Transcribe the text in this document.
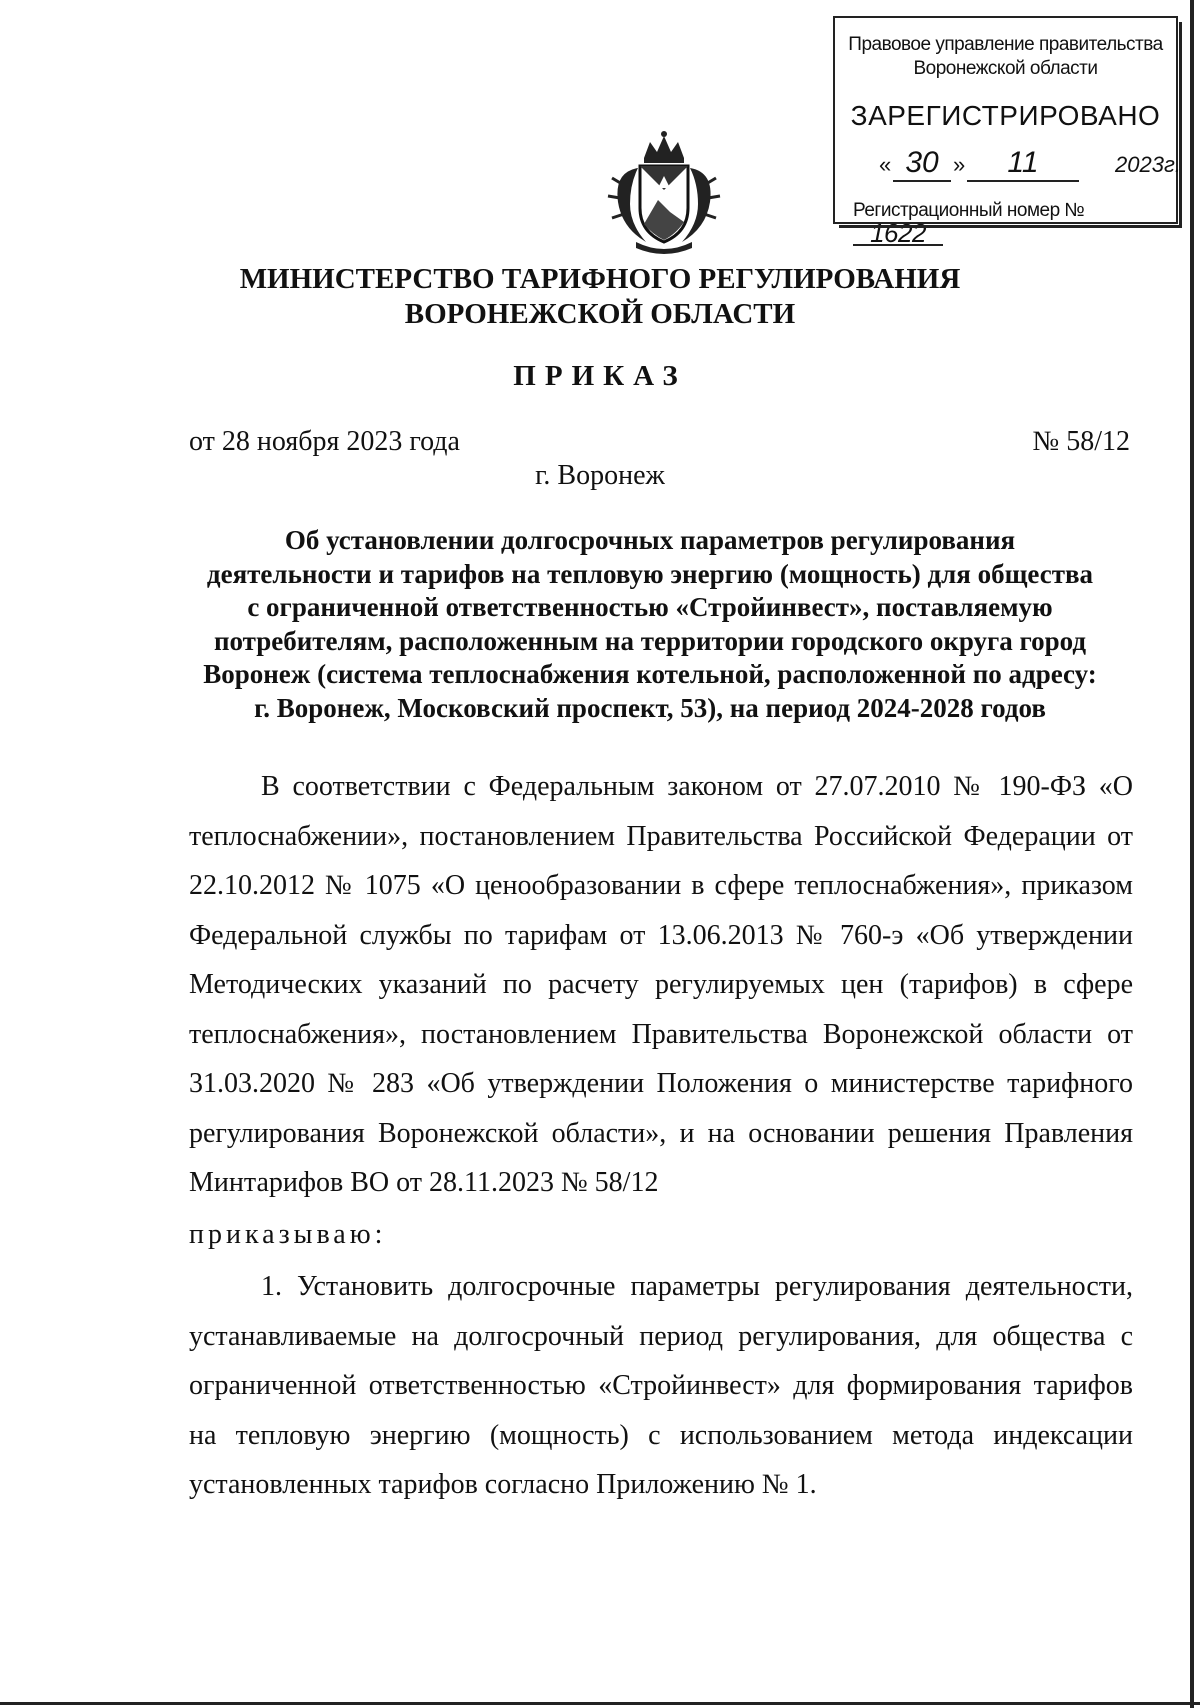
Правовое управление правительства
Воронежской области
ЗАРЕГИСТРИРОВАНО
« 30 »	11	2023г.
Регистрационный номер № 1622
МИНИСТЕРСТВО ТАРИФНОГО РЕГУЛИРОВАНИЯ
ВОРОНЕЖСКОЙ ОБЛАСТИ
ПРИКАЗ
от 28 ноября 2023 года	№ 58/12
г. Воронеж
Об установлении долгосрочных параметров регулирования
деятельности и тарифов на тепловую энергию (мощность) для общества
с ограниченной ответственностью «Стройинвест», поставляемую
потребителям, расположенным на территории городского округа город
Воронеж (система теплоснабжения котельной, расположенной по адресу:
г. Воронеж, Московский проспект, 53), на период 2024-2028 годов
В соответствии с Федеральным законом от 27.07.2010 № 190-ФЗ «О теплоснабжении», постановлением Правительства Российской Федерации от 22.10.2012 № 1075 «О ценообразовании в сфере теплоснабжения», приказом Федеральной службы по тарифам от 13.06.2013 № 760-э «Об утверждении Методических указаний по расчету регулируемых цен (тарифов) в сфере теплоснабжения», постановлением Правительства Воронежской области от 31.03.2020 № 283 «Об утверждении Положения о министерстве тарифного регулирования Воронежской области», и на основании решения Правления Минтарифов ВО от 28.11.2023 № 58/12
приказываю:
1. Установить долгосрочные параметры регулирования деятельности, устанавливаемые на долгосрочный период регулирования, для общества с ограниченной ответственностью «Стройинвест» для формирования тарифов на тепловую энергию (мощность) с использованием метода индексации установленных тарифов согласно Приложению № 1.
